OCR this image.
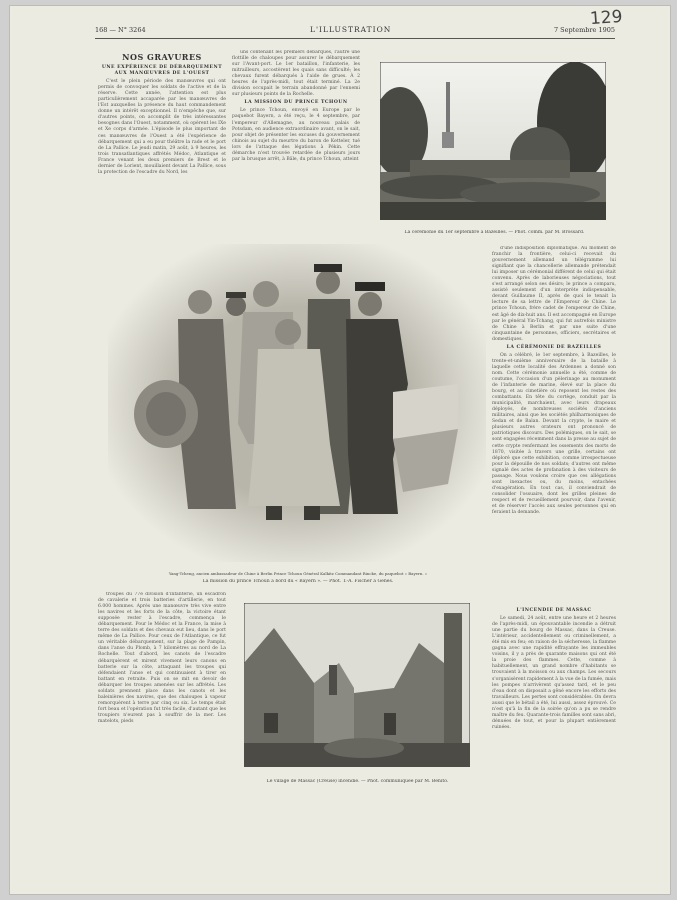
168 — N° 3264	L'ILLUSTRATION	7 Septembre 1905
129
NOS GRAVURES
UNE EXPÉRIENCE DE DÉBARQUEMENT AUX MANŒUVRES DE L'OUEST
C'est le plein période des manœuvres qui ont permis de convoquer les soldats de l'active et de la réserve. Cette année, l'attention est plus particulièrement accaparée par les manœuvres de l'Est auxquelles la présence du haut commandement donne un intérêt exceptionnel. Il n'empêche que, sur d'autres points, on accomplit de très intéressantes besognes dans l'Ouest, notamment, où opèrent les IXe et Xe corps d'armée. L'épisode le plus important de ces manœuvres de l'Ouest a été l'expérience de débarquement qui a eu pour théâtre la rade et le port de La Pallice. Le jeudi matin, 29 août, à 9 heures, les trois transatlantiques affrétés Médoc, Atlantique et France venant les deux premiers de Brest et le dernier de Lorient, mouillaient devant La Pallice, sous la protection de l'escadre du Nord, les
uns contenant les premiers débarqués, l'autre une flottille de chaloupes pour assurer le débarquement sur l'Avant-port. Le 1er bataillon, l'infanterie, les mitrailleurs, accostèrent les quais sans difficulté; les chevaux furent débarqués à l'aide de grues. À 2 heures de l'après-midi, tout était terminé. La 2e division occupait le terrain abandonné par l'ennemi sur plusieurs points de la Rochelle.
LA MISSION DU PRINCE TCHOUN
Le prince Tchoun, envoyé en Europe par le paquebot Bayern, a été reçu, le 4 septembre, par l'empereur d'Allemagne, au nouveau palais de Potsdam, en audience extraordinaire avant, on le sait, pour objet de présenter les excuses du gouvernement chinois au sujet du meurtre du baron de Ketteler, tué lors de l'attaque des légations à Pékin. Cette démarche n'est trouvée retardée de plusieurs jours par la brusque arrêt, à Bâle, du prince Tchoun, atteint
La cérémonie du 1er septembre à Bazeilles. — Phot. comm. par M. Brossard.
d'une indisposition diplomatique. Au moment de franchir la frontière, celui-ci recevait du gouvernement allemand un télégramme lui signifiant que la chancellerie allemande prétendait lui imposer un cérémonial différent de celui qui était convenu. Après de laborieuses négociations, tout s'est arrangé selon ses désirs; le prince a comparu, assisté seulement d'un interprète indispensable, devant Guillaume II, après de quoi le tenait la lecture de sa lettre de l'Empereur de Chine. Le prince Tchoun, frère cadet de l'empereur de Chine, est âgé de dix-huit ans. Il est accompagné en Europe par le général Yin-Tchang, qui fut autrefois ministre de Chine à Berlin et par une suite d'une cinquantaine de personnes, officiers, secrétaires et domestiques.
LA CÉRÉMONIE DE BAZEILLES
On a célébré, le 1er septembre, à Bazeilles, le trente-et-unième anniversaire de la bataille à laquelle cette localité des Ardennes a donné son nom. Cette cérémonie annuelle a été, comme de coutume, l'occasion d'un pèlerinage au monument de l'infanterie de marine, élevé sur la place du bourg, et au cimetière où reposent les restes des combattants. En tête du cortège, conduit par la municipalité, marchaient, avec leurs drapeaux déployés, de nombreuses sociétés d'anciens militaires, ainsi que les sociétés philharmoniques de Sedan et de Balan. Devant la crypte, le maire et plusieurs autres orateurs ont prononcé de patriotiques discours. Des polémiques, on le sait, se sont engagées récemment dans la presse au sujet de cette crypte renfermant les ossements des morts de 1870, visitée à travers une grille, certains ont déploré que cette exhibition, comme irrespectueuse pour la dépouille de nos soldats; d'autres ont même signalé des actes de profanation à des visiteurs de passage. Nous voulons croire que ces allégations sont inexactes ou, du moins, entachées d'exagération. En tout cas, il conviendrait de consolider l'ossuaire, dont les grilles pleines de respect et de recueillement pourvoir, dans l'avenir, et de réserver l'accès aux seules personnes qui en feraient la demande.
Yang-Tcheng, ancien ambassadeur de Chine à Berlin Prince Tchoun Général Kalkitz Commandant Rincke, du paquebot « Bayern. »
La mission du prince Tchoun à bord du « Bayern ». — Phot. T.-A. Fischer à Gênes.
troupes du 77e division d'infanterie, un escadron de cavalerie et trois batteries d'artillerie, en tout 6.000 hommes. Après une manœuvre très vive entre les navires et les forts de la côte, la victoire étant supposée rester à l'escadre, commença le débarquement. Pour le Médoc et la France, la mise à terre des soldats et des chevaux eut lieu, dans le port même de La Pallice. Pour ceux de l'Atlantique, ce fut un véritable débarquement, sur la plage de Pampin, dans l'anse du Plomb, à 7 kilomètres au nord de La Rochelle. Tout d'abord, les canots de l'escadre débarquèrent et mirent vivement leurs canons en batterie sur la côte, attaquant les troupes qui défendaient l'anse et qui continuaient à tirer en battant en retraite. Puis on se mit en devoir de débarquer les troupes amenées sur les affrétés. Les soldats prennent place dans les canots et les baleinières des navires, que des chaloupes à vapeur remorquèrent à terre par cinq ou six. Le temps était fort beau et l'opération fut très facile, d'autant que les troupiers n'eurent pas à souffrir de la mer. Les matelots, pieds
Le village de Massac (Creuse) incendié. — Phot. communiquée par M. Benito.
L'INCENDIE DE MASSAC
Le samedi, 24 août, entre une heure et 2 heures de l'après-midi, un épouvantable incendie a détruit une partie du bourg de Massac, dans la Creuse. L'intérieur, accidentellement ou criminellement, a été mis en feu; en raison de la sécheresse, la flamme gagna avec une rapidité effrayante les immeubles voisins, il y a près de quarante maisons qui ont été la proie des flammes. Cette, comme à habituellement, un grand nombre d'habitants se trouvaient à la moisson ou aux champs. Les secours s'organisèrent rapidement à la vue de la fumée, mais les pompes n'arrivèrent qu'assez tard, et le peu d'eau dont on disposait a gêné encore les efforts des travailleurs. Les pertes sont considérables. On devra aussi que le bétail a été, lui aussi, assez éprouvé. Ce n'est qu'à la fin de la soirée qu'on a pu se rendre maître du feu. Quarante-trois familles sont sans abri, dénuées de tout, et pour la plupart entièrement ruinées.
